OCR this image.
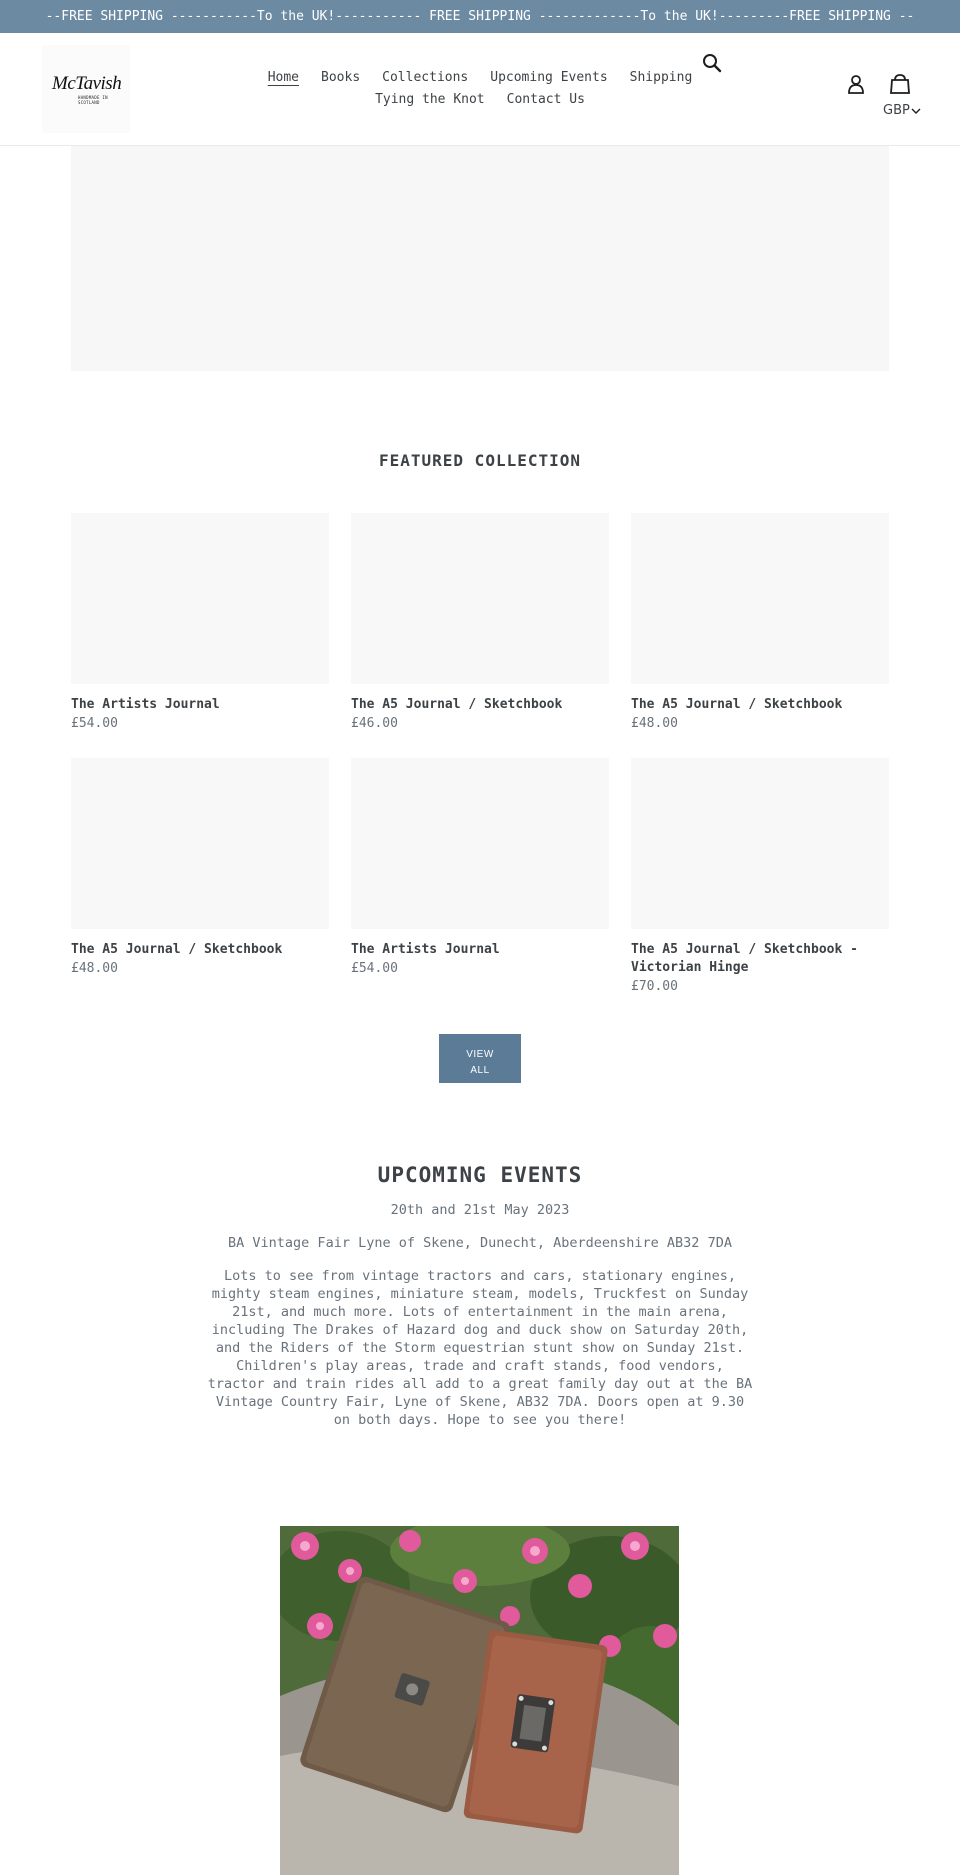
--FREE SHIPPING -----------To the UK!----------- FREE SHIPPING -------------To the UK!---------FREE SHIPPING --
McTavish
HANDMADE IN SCOTLAND
Home Books Collections Upcoming Events Shipping
Tying the Knot Contact Us
GBP
FEATURED COLLECTION
The Artists Journal
£54.00
The A5 Journal / Sketchbook
£46.00
The A5 Journal / Sketchbook
£48.00
The A5 Journal / Sketchbook
£48.00
The Artists Journal
£54.00
The A5 Journal / Sketchbook - Victorian Hinge
£70.00
VIEW
ALL
UPCOMING EVENTS
20th and 21st May 2023
BA Vintage Fair Lyne of Skene, Dunecht, Aberdeenshire AB32 7DA
Lots to see from vintage tractors and cars, stationary engines, mighty steam engines, miniature steam, models, Truckfest on Sunday 21st, and much more. Lots of entertainment in the main arena, including The Drakes of Hazard dog and duck show on Saturday 20th, and the Riders of the Storm equestrian stunt show on Sunday 21st.
Children's play areas, trade and craft stands, food vendors, tractor and train rides all add to a great family day out at the BA Vintage Country Fair, Lyne of Skene, AB32 7DA. Doors open at 9.30 on both days. Hope to see you there!
